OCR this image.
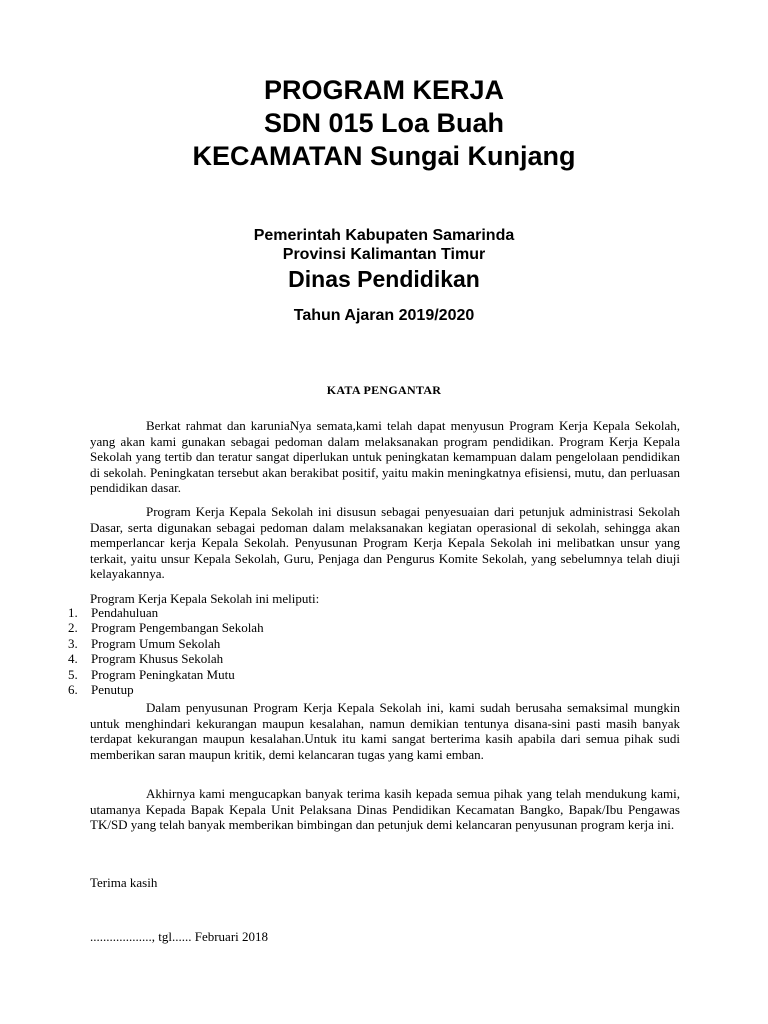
PROGRAM KERJA
SDN 015 Loa Buah
KECAMATAN Sungai Kunjang
Pemerintah Kabupaten Samarinda
Provinsi Kalimantan Timur
Dinas Pendidikan
Tahun Ajaran 2019/2020
KATA PENGANTAR

Berkat rahmat dan karuniaNya semata,kami telah dapat menyusun Program Kerja Kepala Sekolah, yang akan kami gunakan sebagai pedoman dalam melaksanakan program pendidikan. Program Kerja Kepala Sekolah yang tertib dan teratur sangat diperlukan untuk peningkatan kemampuan dalam pengelolaan pendidikan di sekolah. Peningkatan tersebut akan berakibat positif, yaitu makin meningkatnya efisiensi, mutu, dan perluasan pendidikan dasar.

Program Kerja Kepala Sekolah ini disusun sebagai penyesuaian dari petunjuk administrasi Sekolah Dasar, serta digunakan sebagai pedoman dalam melaksanakan kegiatan operasional di sekolah, sehingga akan memperlancar kerja Kepala Sekolah. Penyusunan Program Kerja Kepala Sekolah ini melibatkan unsur yang terkait, yaitu unsur Kepala Sekolah, Guru, Penjaga dan Pengurus Komite Sekolah, yang sebelumnya telah diuji kelayakannya.

Program Kerja Kepala Sekolah ini meliputi:
1.	Pendahuluan
2.	Program Pengembangan Sekolah
3.	Program Umum Sekolah
4.	Program Khusus Sekolah
5.	Program Peningkatan Mutu
6.	Penutup

Dalam penyusunan Program Kerja Kepala Sekolah ini, kami sudah berusaha semaksimal mungkin untuk menghindari kekurangan maupun kesalahan, namun demikian tentunya disana-sini pasti masih banyak terdapat kekurangan maupun kesalahan.Untuk itu kami sangat berterima kasih apabila dari semua pihak sudi memberikan saran maupun kritik, demi kelancaran tugas yang kami emban.

Akhirnya kami mengucapkan banyak terima kasih kepada semua pihak yang telah mendukung kami, utamanya Kepada Bapak Kepala Unit Pelaksana Dinas Pendidikan Kecamatan Bangko, Bapak/Ibu Pengawas TK/SD yang telah banyak memberikan bimbingan dan petunjuk demi kelancaran penyusunan program kerja ini.

Terima kasih
..................., tgl...... Februari 2018
